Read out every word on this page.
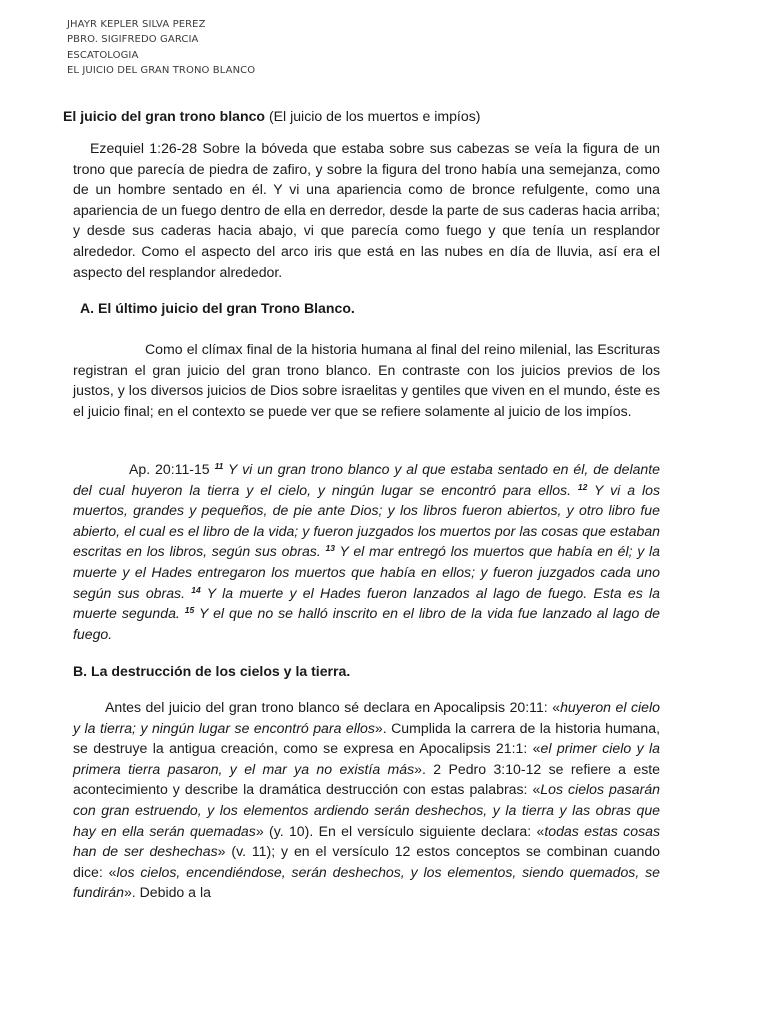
JHAYR KEPLER SILVA PEREZ
PBRO. SIGIFREDO GARCIA
ESCATOLOGIA
EL JUICIO DEL GRAN TRONO BLANCO
El juicio del gran trono blanco (El juicio de los muertos e impíos)

Ezequiel 1:26-28 Sobre la bóveda que estaba sobre sus cabezas se veía la figura de un trono que parecía de piedra de zafiro, y sobre la figura del trono había una semejanza, como de un hombre sentado en él. Y vi una apariencia como de bronce refulgente, como una apariencia de un fuego dentro de ella en derredor, desde la parte de sus caderas hacia arriba; y desde sus caderas hacia abajo, vi que parecía como fuego y que tenía un resplandor alrededor. Como el aspecto del arco iris que está en las nubes en día de lluvia, así era el aspecto del resplandor alrededor.

A. El último juicio del gran Trono Blanco.

Como el clímax final de la historia humana al final del reino milenial, las Escrituras registran el gran juicio del gran trono blanco. En contraste con los juicios previos de los justos, y los diversos juicios de Dios sobre israelitas y gentiles que viven en el mundo, éste es el juicio final; en el contexto se puede ver que se refiere solamente al juicio de los impíos.

Ap. 20:11-15 $^{11}$ Y vi un gran trono blanco y al que estaba sentado en él, de delante del cual huyeron la tierra y el cielo, y ningún lugar se encontró para ellos. $^{12}$ Y vi a los muertos, grandes y pequeños, de pie ante Dios; y los libros fueron abiertos, y otro libro fue abierto, el cual es el libro de la vida; y fueron juzgados los muertos por las cosas que estaban escritas en los libros, según sus obras. $^{13}$ Y el mar entregó los muertos que había en él; y la muerte y el Hades entregaron los muertos que había en ellos; y fueron juzgados cada uno según sus obras. $^{14}$ Y la muerte y el Hades fueron lanzados al lago de fuego. Esta es la muerte segunda. $^{15}$ Y el que no se halló inscrito en el libro de la vida fue lanzado al lago de fuego.

B. La destrucción de los cielos y la tierra.

Antes del juicio del gran trono blanco sé declara en Apocalipsis 20:11: «huyeron el cielo y la tierra; y ningún lugar se encontró para ellos». Cumplida la carrera de la historia humana, se destruye la antigua creación, como se expresa en Apocalipsis 21:1: «el primer cielo y la primera tierra pasaron, y el mar ya no existía más». 2 Pedro 3:10-12 se refiere a este acontecimiento y describe la dramática destrucción con estas palabras: «Los cielos pasarán con gran estruendo, y los elementos ardiendo serán deshechos, y la tierra y las obras que hay en ella serán quemadas» (y. 10). En el versículo siguiente declara: «todas estas cosas han de ser deshechas» (v. 11); y en el versículo 12 estos conceptos se combinan cuando dice: «los cielos, encendiéndose, serán deshechos, y los elementos, siendo quemados, se fundirán». Debido a la
